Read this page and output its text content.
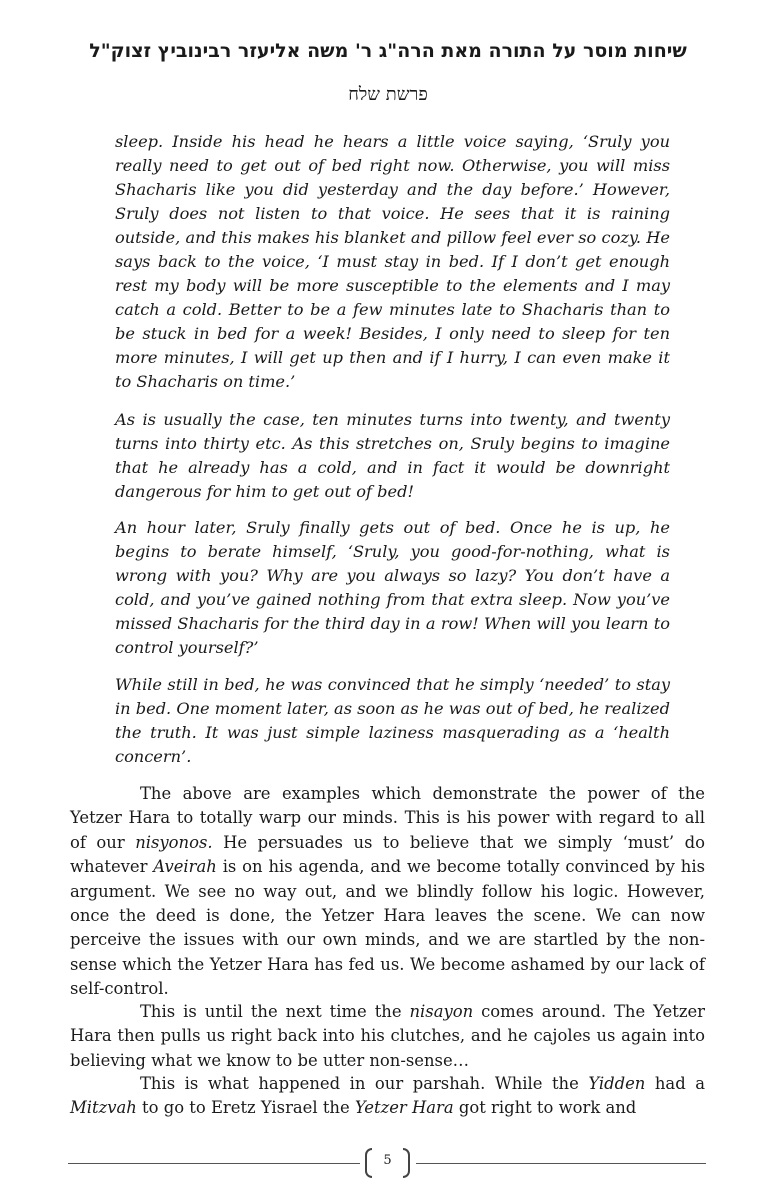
שיחות מוסר על התורה מאת הרה"ג ר' משה אליעזר רבינוביץ זצוק"ל
פרשת שלח

sleep. Inside his head he hears a little voice saying, ‘Sruly you really need to get out of bed right now. Otherwise, you will miss Shacharis like you did yesterday and the day before.’ However, Sruly does not listen to that voice. He sees that it is raining outside, and this makes his blanket and pillow feel ever so cozy. He says back to the voice, ‘I must stay in bed. If I don’t get enough rest my body will be more susceptible to the elements and I may catch a cold. Better to be a few minutes late to Shacharis than to be stuck in bed for a week! Besides, I only need to sleep for ten more minutes, I will get up then and if I hurry, I can even make it to Shacharis on time.’

As is usually the case, ten minutes turns into twenty, and twenty turns into thirty etc. As this stretches on, Sruly begins to imagine that he already has a cold, and in fact it would be downright dangerous for him to get out of bed!

An hour later, Sruly finally gets out of bed. Once he is up, he begins to berate himself, ‘Sruly, you good-for-nothing, what is wrong with you? Why are you always so lazy? You don’t have a cold, and you’ve gained nothing from that extra sleep. Now you’ve missed Shacharis for the third day in a row! When will you learn to control yourself?’

While still in bed, he was convinced that he simply ‘needed’ to stay in bed. One moment later, as soon as he was out of bed, he realized the truth. It was just simple laziness masquerading as a ‘health concern’.

The above are examples which demonstrate the power of the Yetzer Hara to totally warp our minds. This is his power with regard to all of our nisyonos. He persuades us to believe that we simply ‘must’ do whatever Aveirah is on his agenda, and we become totally convinced by his argument. We see no way out, and we blindly follow his logic. However, once the deed is done, the Yetzer Hara leaves the scene. We can now perceive the issues with our own minds, and we are startled by the non-sense which the Yetzer Hara has fed us. We become ashamed by our lack of self-control.

This is until the next time the nisayon comes around. The Yetzer Hara then pulls us right back into his clutches, and he cajoles us again into believing what we know to be utter non-sense…

This is what happened in our parshah. While the Yidden had a Mitzvah to go to Eretz Yisrael the Yetzer Hara got right to work and

5
